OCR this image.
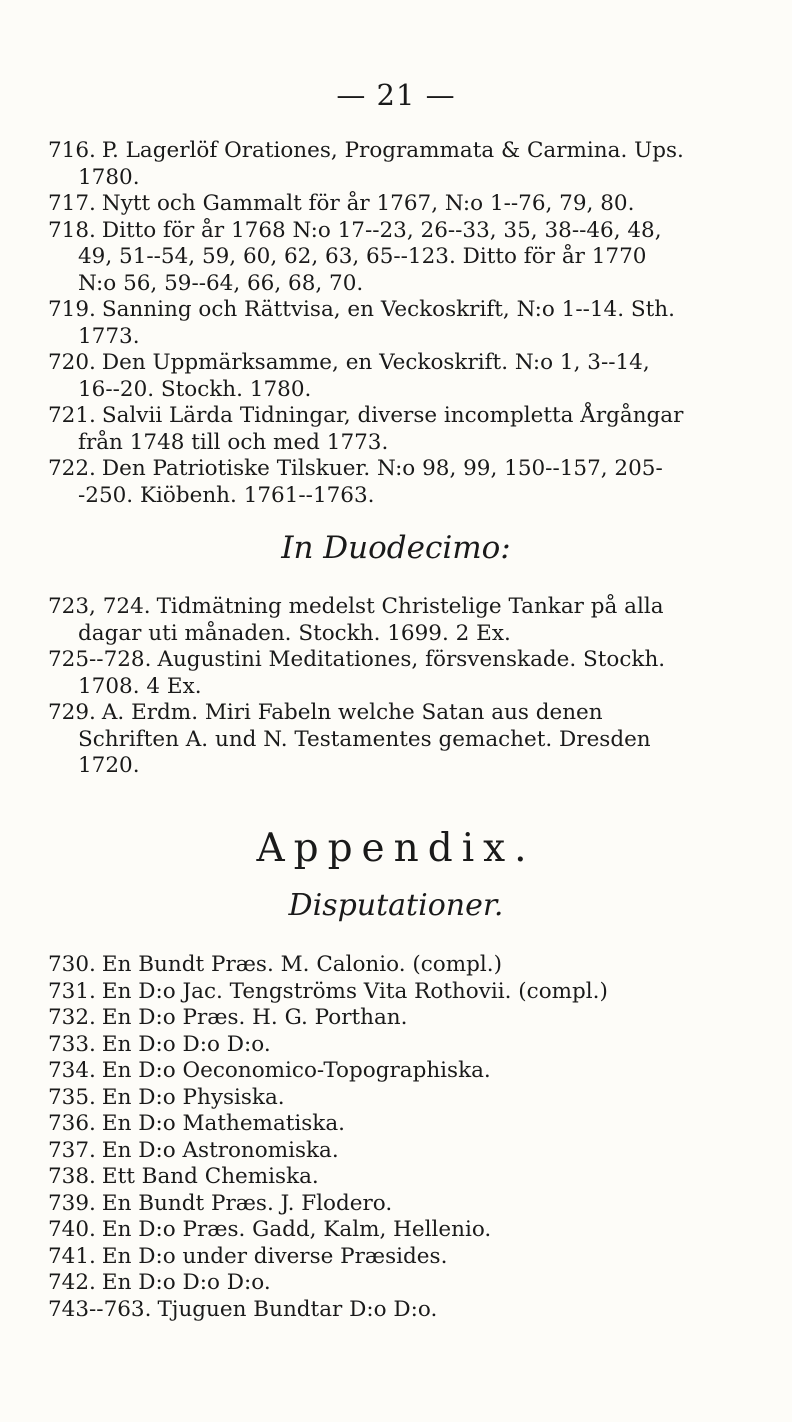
— 21 —

716. P. Lagerlöf Orationes, Programmata & Carmina. Ups. 1780.

717. Nytt och Gammalt för år 1767, N:o 1--76, 79, 80.

718. Ditto för år 1768 N:o 17--23, 26--33, 35, 38--46, 48, 49, 51--54, 59, 60, 62, 63, 65--123. Ditto för år 1770 N:o 56, 59--64, 66, 68, 70.

719. Sanning och Rättvisa, en Veckoskrift, N:o 1--14. Sth. 1773.

720. Den Uppmärksamme, en Veckoskrift. N:o 1, 3--14, 16--20. Stockh. 1780.

721. Salvii Lärda Tidningar, diverse incompletta Årgångar från 1748 till och med 1773.

722. Den Patriotiske Tilskuer. N:o 98, 99, 150--157, 205--250. Kiöbenh. 1761--1763.

In Duodecimo:

723, 724. Tidmätning medelst Christelige Tankar på alla dagar uti månaden. Stockh. 1699. 2 Ex.

725--728. Augustini Meditationes, försvenskade. Stockh. 1708. 4 Ex.

729. A. Erdm. Miri Fabeln welche Satan aus denen Schriften A. und N. Testamentes gemachet. Dresden 1720.

Appendix.
Disputationer.

730. En Bundt Præs. M. Calonio. (compl.)

731. En D:o Jac. Tengströms Vita Rothovii. (compl.)

732. En D:o Præs. H. G. Porthan.

733. En D:o D:o D:o.

734. En D:o Oeconomico-Topographiska.

735. En D:o Physiska.

736. En D:o Mathematiska.

737. En D:o Astronomiska.

738. Ett Band Chemiska.

739. En Bundt Præs. J. Flodero.

740. En D:o Præs. Gadd, Kalm, Hellenio.

741. En D:o under diverse Præsides.

742. En D:o D:o D:o.

743--763. Tjuguen Bundtar D:o D:o.
